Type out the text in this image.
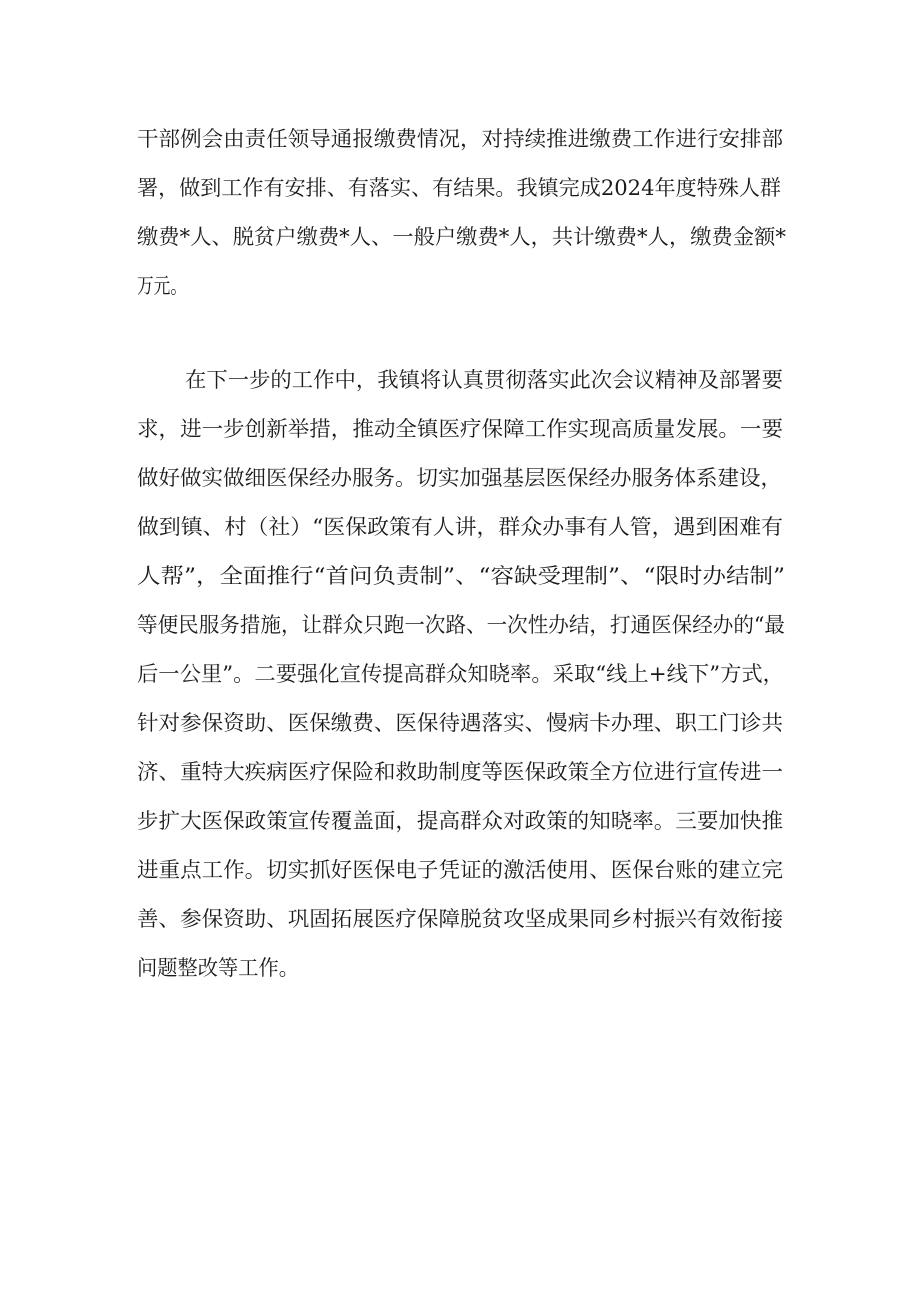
干部例会由责任领导通报缴费情况，对持续推进缴费工作进行安排部
署，做到工作有安排、有落实、有结果。我镇完成2024年度特殊人群
缴费*人、脱贫户缴费*人、一般户缴费*人，共计缴费*人，缴费金额*
万元。
在下一步的工作中，我镇将认真贯彻落实此次会议精神及部署要
求，进一步创新举措，推动全镇医疗保障工作实现高质量发展。一要
做好做实做细医保经办服务。切实加强基层医保经办服务体系建设，
做到镇、村（社）“医保政策有人讲，群众办事有人管，遇到困难有
人帮”，全面推行“首问负责制”、“容缺受理制”、“限时办结制”
等便民服务措施，让群众只跑一次路、一次性办结，打通医保经办的“最
后一公里”。二要强化宣传提高群众知晓率。采取“线上+线下”方式，
针对参保资助、医保缴费、医保待遇落实、慢病卡办理、职工门诊共
济、重特大疾病医疗保险和救助制度等医保政策全方位进行宣传进一
步扩大医保政策宣传覆盖面，提高群众对政策的知晓率。三要加快推
进重点工作。切实抓好医保电子凭证的激活使用、医保台账的建立完
善、参保资助、巩固拓展医疗保障脱贫攻坚成果同乡村振兴有效衔接
问题整改等工作。
